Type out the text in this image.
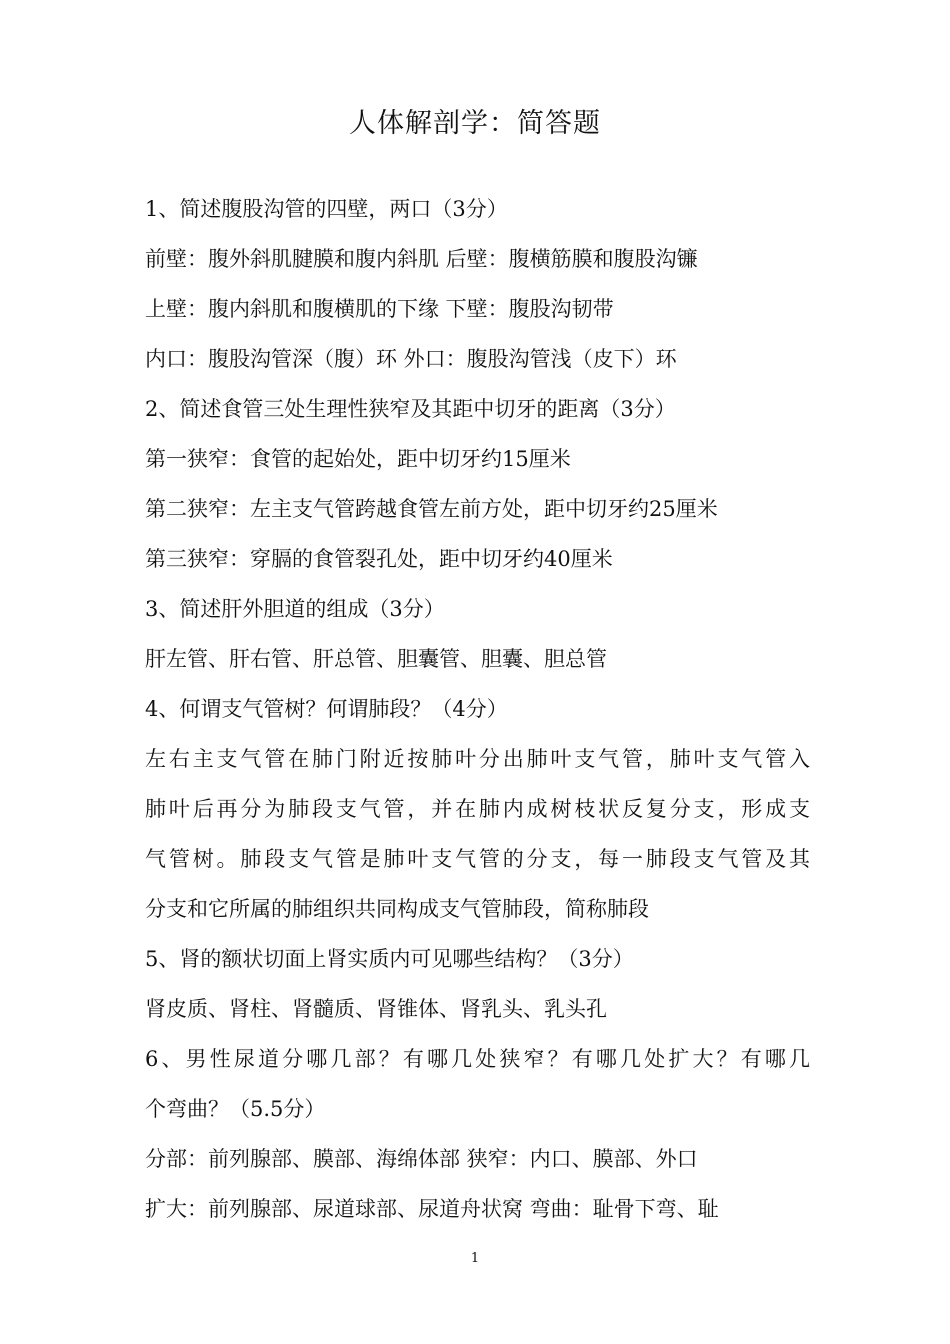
人体解剖学：简答题
1、简述腹股沟管的四壁，两口（3分）
前壁：腹外斜肌腱膜和腹内斜肌 后壁：腹横筋膜和腹股沟镰
上壁：腹内斜肌和腹横肌的下缘 下壁：腹股沟韧带
内口：腹股沟管深（腹）环 外口：腹股沟管浅（皮下）环
2、简述食管三处生理性狭窄及其距中切牙的距离（3分）
第一狭窄：食管的起始处，距中切牙约15厘米
第二狭窄：左主支气管跨越食管左前方处，距中切牙约25厘米
第三狭窄：穿膈的食管裂孔处，距中切牙约40厘米
3、简述肝外胆道的组成（3分）
肝左管、肝右管、肝总管、胆囊管、胆囊、胆总管
4、何谓支气管树？何谓肺段？（4分）
左右主支气管在肺门附近按肺叶分出肺叶支气管，肺叶支气管入
肺叶后再分为肺段支气管，并在肺内成树枝状反复分支，形成支
气管树。肺段支气管是肺叶支气管的分支，每一肺段支气管及其
分支和它所属的肺组织共同构成支气管肺段，简称肺段
5、肾的额状切面上肾实质内可见哪些结构？（3分）
肾皮质、肾柱、肾髓质、肾锥体、肾乳头、乳头孔
6、男性尿道分哪几部？有哪几处狭窄？有哪几处扩大？有哪几
个弯曲？（5.5分）
分部：前列腺部、膜部、海绵体部 狭窄：内口、膜部、外口
扩大：前列腺部、尿道球部、尿道舟状窝 弯曲：耻骨下弯、耻
1
